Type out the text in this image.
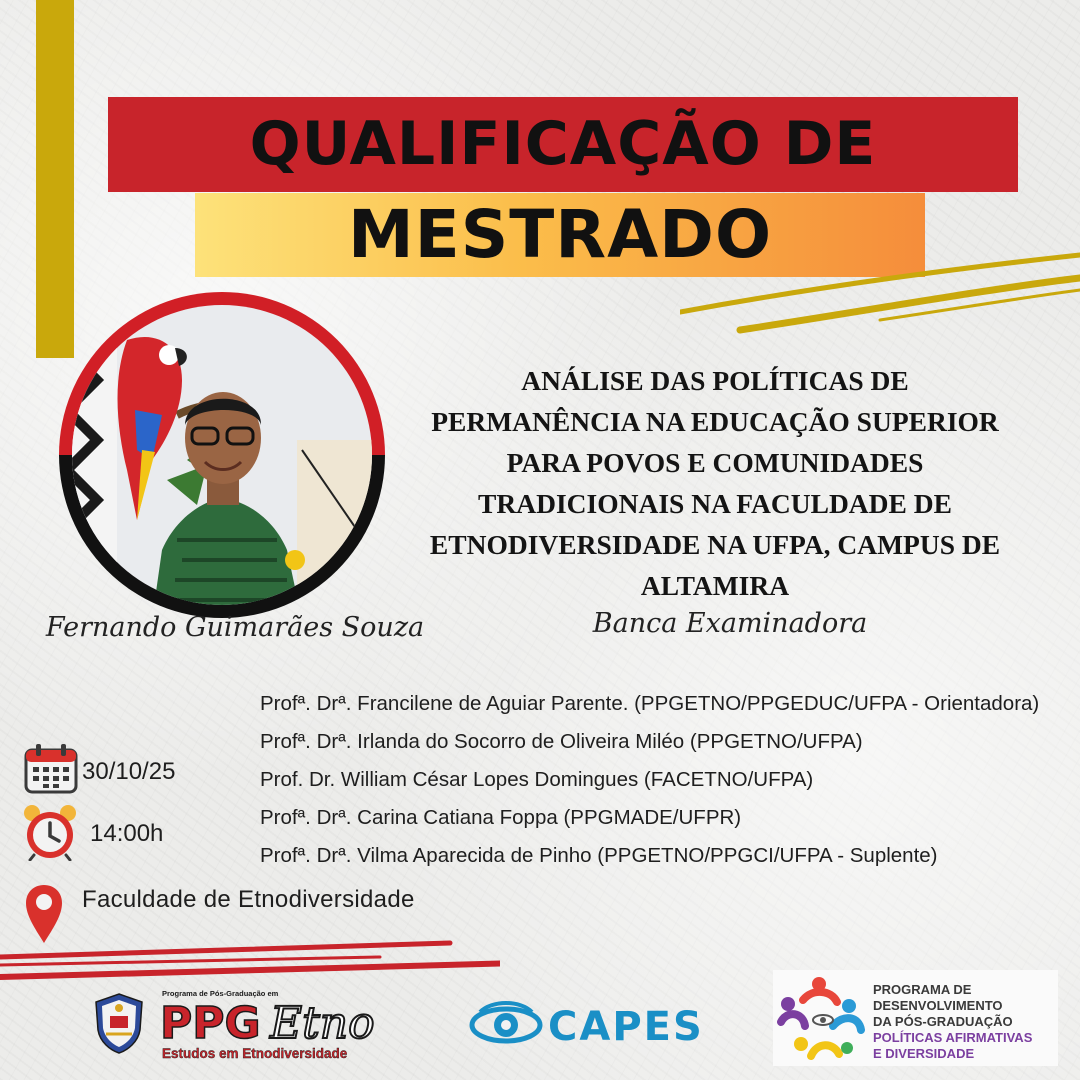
QUALIFICAÇÃO DE
MESTRADO
Fernando Guimarães Souza
ANÁLISE DAS POLÍTICAS DE
PERMANÊNCIA NA EDUCAÇÃO SUPERIOR
PARA POVOS E COMUNIDADES
TRADICIONAIS NA FACULDADE DE
ETNODIVERSIDADE NA UFPA, CAMPUS DE
ALTAMIRA
Banca Examinadora
Profª. Drª. Francilene de Aguiar Parente. (PPGETNO/PPGEDUC/UFPA - Orientadora)
Profª. Drª. Irlanda do Socorro de Oliveira Miléo (PPGETNO/UFPA)
Prof. Dr. William César Lopes Domingues (FACETNO/UFPA)
Profª. Drª. Carina Catiana Foppa (PPGMADE/UFPR)
Profª. Drª. Vilma Aparecida de Pinho (PPGETNO/PPGCI/UFPA - Suplente)
30/10/25
14:00h
Faculdade de Etnodiversidade
Programa de Pós-Graduação em
PPG Etno
Estudos em Etnodiversidade
CAPES
PROGRAMA DE
DESENVOLVIMENTO
DA PÓS-GRADUAÇÃO
POLÍTICAS AFIRMATIVAS
E DIVERSIDADE
